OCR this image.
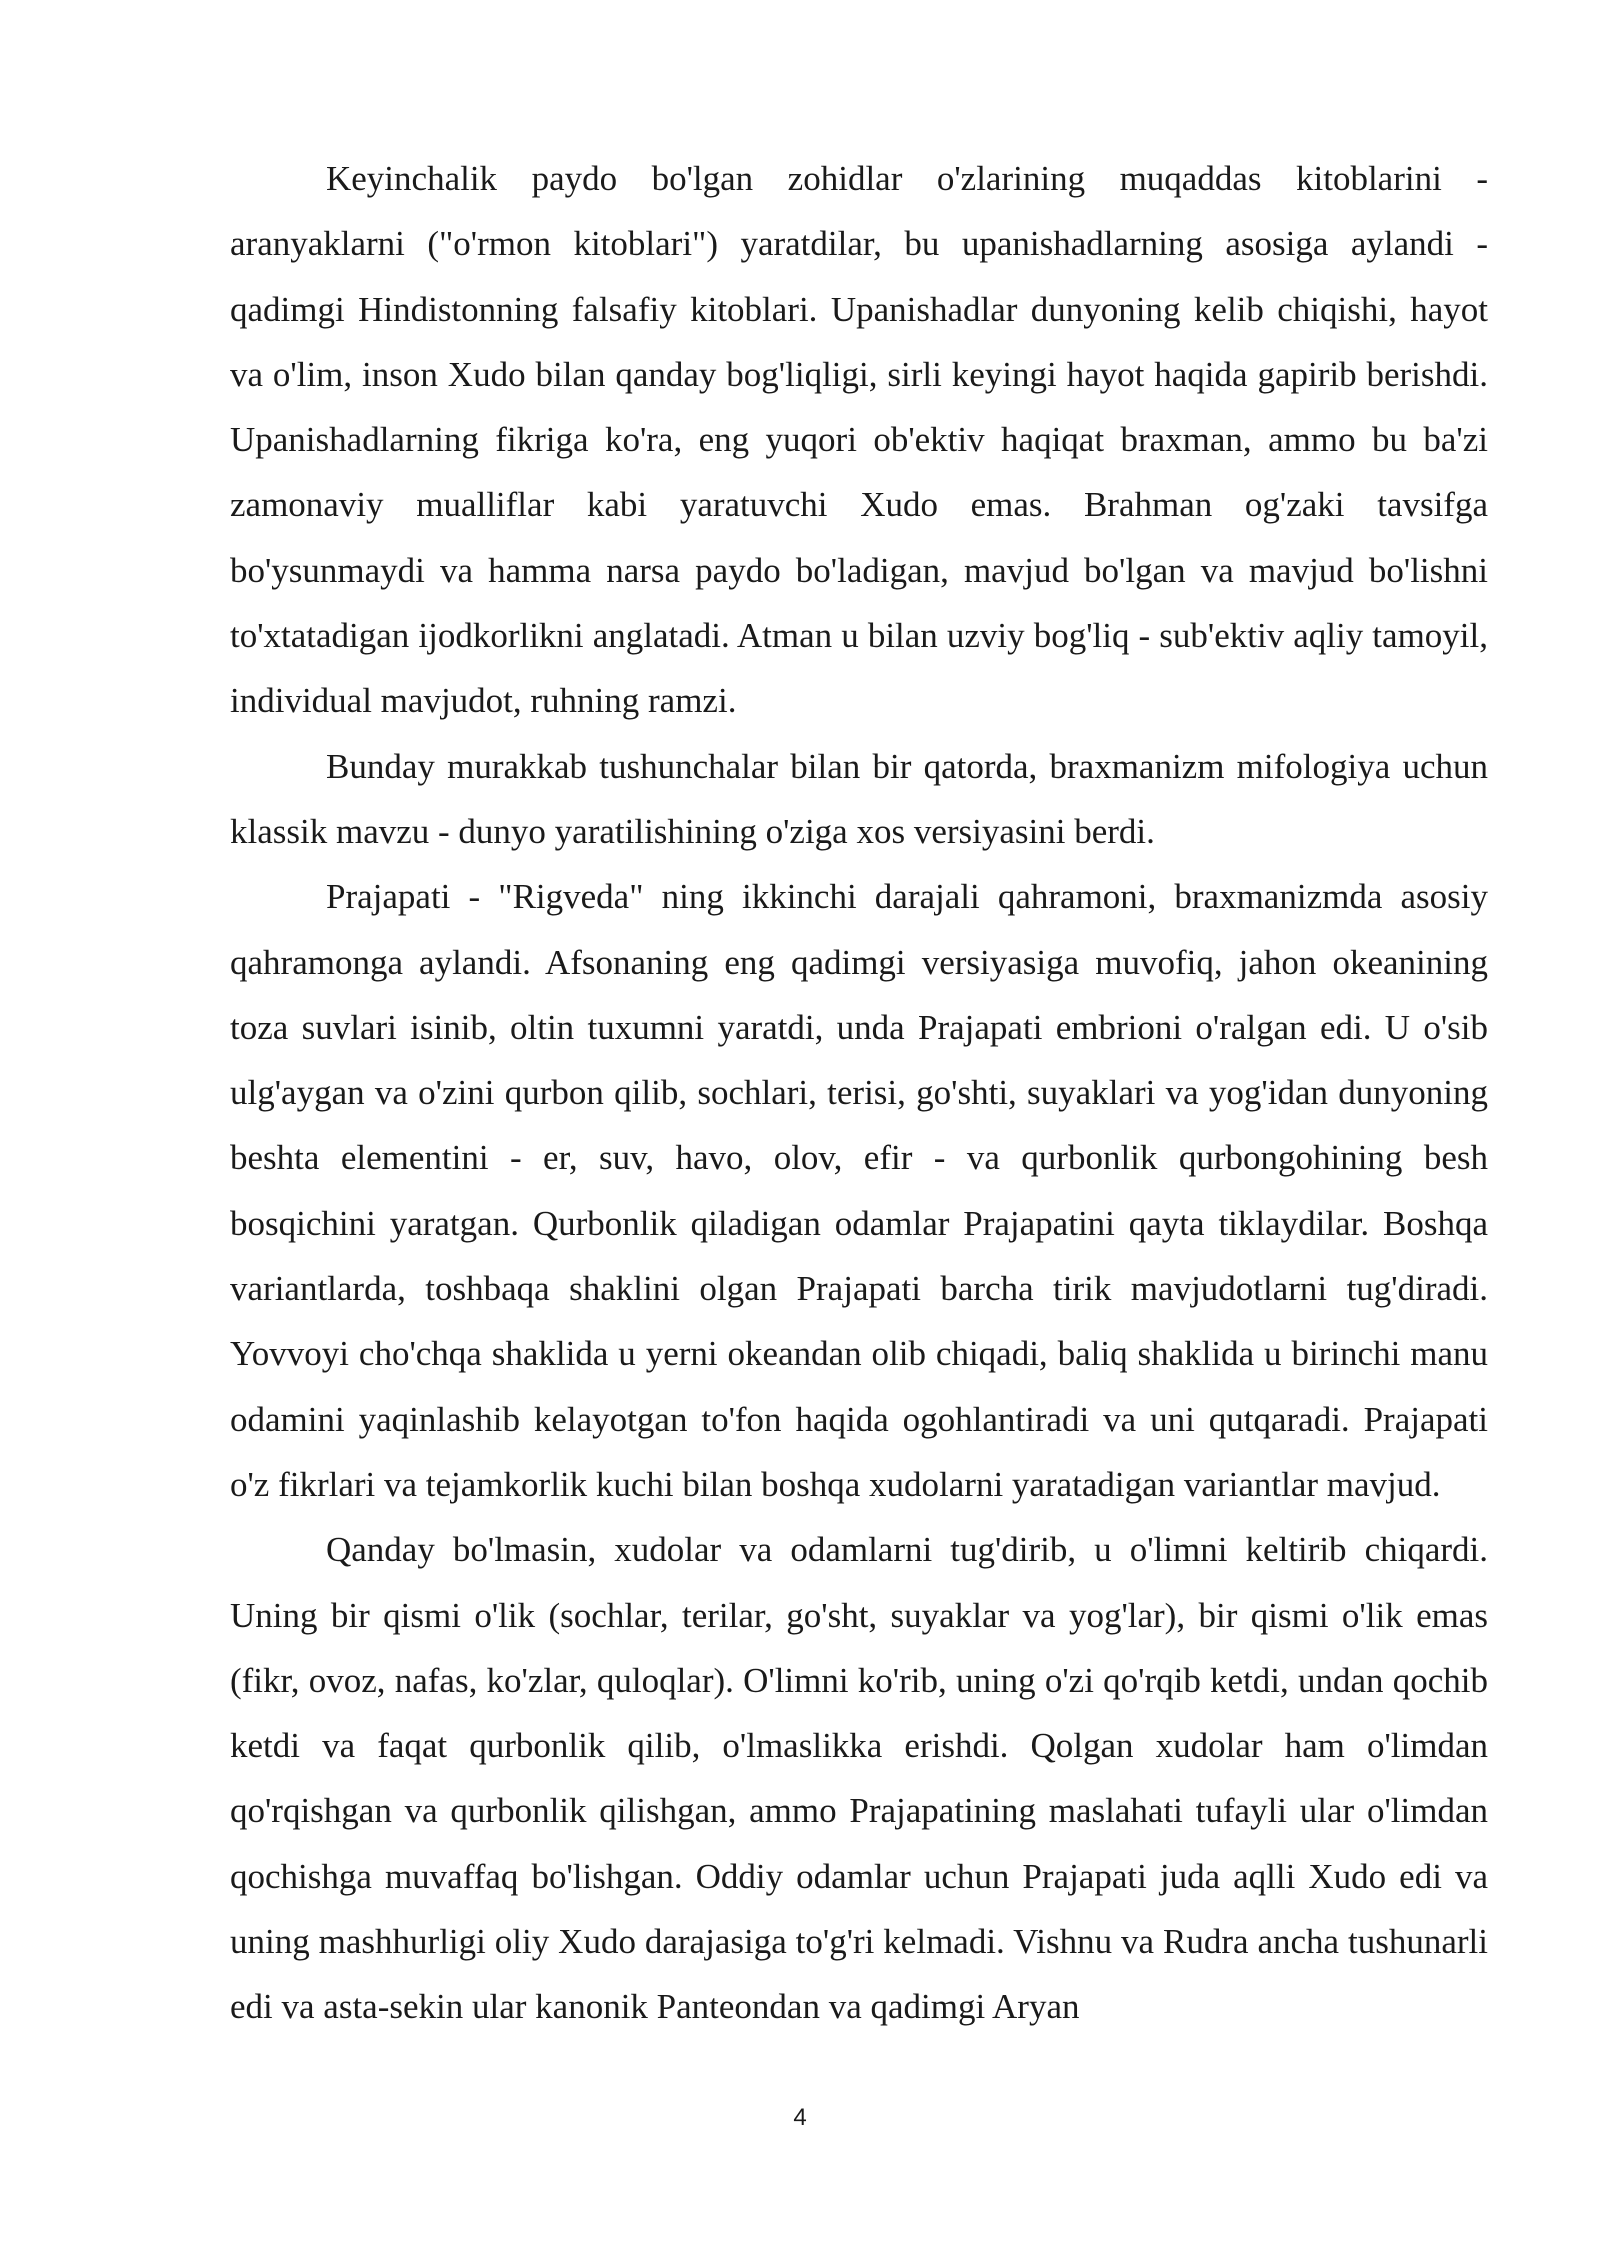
Keyinchalik paydo bo'lgan zohidlar o'zlarining muqaddas kitoblarini - aranyaklarni ("o'rmon kitoblari") yaratdilar, bu upanishadlarning asosiga aylandi - qadimgi Hindistonning falsafiy kitoblari. Upanishadlar dunyoning kelib chiqishi, hayot va o'lim, inson Xudo bilan qanday bog'liqligi, sirli keyingi hayot haqida gapirib berishdi. Upanishadlarning fikriga ko'ra, eng yuqori ob'ektiv haqiqat braxman, ammo bu ba'zi zamonaviy mualliflar kabi yaratuvchi Xudo emas. Brahman og'zaki tavsifga bo'ysunmaydi va hamma narsa paydo bo'ladigan, mavjud bo'lgan va mavjud bo'lishni to'xtatadigan ijodkorlikni anglatadi. Atman u bilan uzviy bog'liq - sub'ektiv aqliy tamoyil, individual mavjudot, ruhning ramzi.

Bunday murakkab tushunchalar bilan bir qatorda, braxmanizm mifologiya uchun klassik mavzu - dunyo yaratilishining o'ziga xos versiyasini berdi.

Prajapati - "Rigveda" ning ikkinchi darajali qahramoni, braxmanizmda asosiy qahramonga aylandi. Afsonaning eng qadimgi versiyasiga muvofiq, jahon okeanining toza suvlari isinib, oltin tuxumni yaratdi, unda Prajapati embrioni o'ralgan edi. U o'sib ulg'aygan va o'zini qurbon qilib, sochlari, terisi, go'shti, suyaklari va yog'idan dunyoning beshta elementini - er, suv, havo, olov, efir - va qurbonlik qurbongohining besh bosqichini yaratgan. Qurbonlik qiladigan odamlar Prajapatini qayta tiklaydilar. Boshqa variantlarda, toshbaqa shaklini olgan Prajapati barcha tirik mavjudotlarni tug'diradi. Yovvoyi cho'chqa shaklida u yerni okeandan olib chiqadi, baliq shaklida u birinchi manu odamini yaqinlashib kelayotgan to'fon haqida ogohlantiradi va uni qutqaradi. Prajapati o'z fikrlari va tejamkorlik kuchi bilan boshqa xudolarni yaratadigan variantlar mavjud.

Qanday bo'lmasin, xudolar va odamlarni tug'dirib, u o'limni keltirib chiqardi. Uning bir qismi o'lik (sochlar, terilar, go'sht, suyaklar va yog'lar), bir qismi o'lik emas (fikr, ovoz, nafas, ko'zlar, quloqlar). O'limni ko'rib, uning o'zi qo'rqib ketdi, undan qochib ketdi va faqat qurbonlik qilib, o'lmaslikka erishdi. Qolgan xudolar ham o'limdan qo'rqishgan va qurbonlik qilishgan, ammo Prajapatining maslahati tufayli ular o'limdan qochishga muvaffaq bo'lishgan. Oddiy odamlar uchun Prajapati juda aqlli Xudo edi va uning mashhurligi oliy Xudo darajasiga to'g'ri kelmadi. Vishnu va Rudra ancha tushunarli edi va asta-sekin ular kanonik Panteondan va qadimgi Aryan

4
